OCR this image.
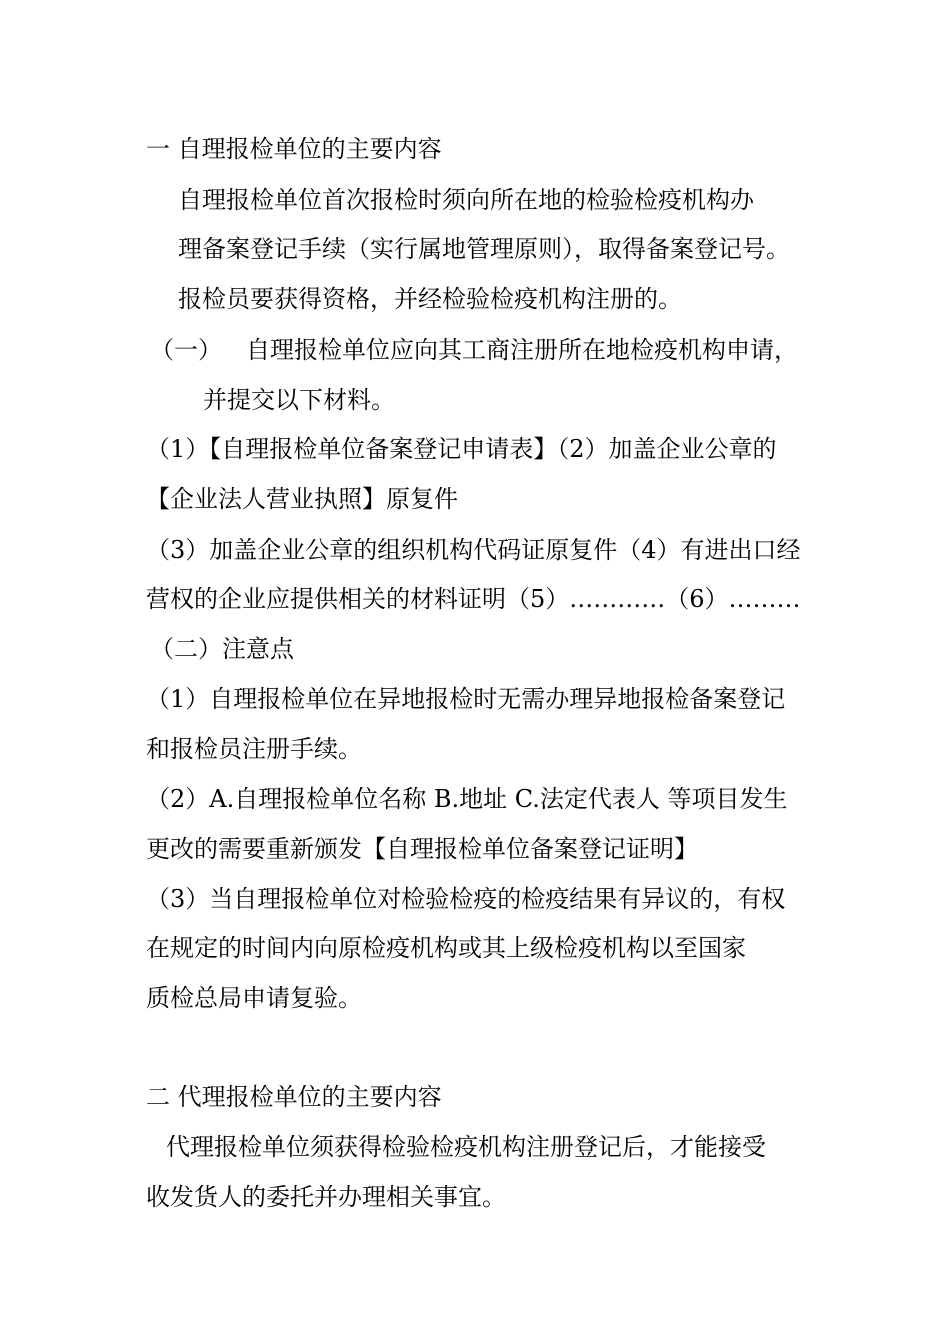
一 自理报检单位的主要内容
自理报检单位首次报检时须向所在地的检验检疫机构办
理备案登记手续（实行属地管理原则），取得备案登记号。
报检员要获得资格，并经检验检疫机构注册的。
（一） 自理报检单位应向其工商注册所在地检疫机构申请，
并提交以下材料。
（1）【自理报检单位备案登记申请表】（2）加盖企业公章的
【企业法人营业执照】原复件
（3）加盖企业公章的组织机构代码证原复件（4）有进出口经
营权的企业应提供相关的材料证明（5）…………（6）………
（二）注意点
（1）自理报检单位在异地报检时无需办理异地报检备案登记
和报检员注册手续。
（2）A.自理报检单位名称 B.地址 C.法定代表人 等项目发生
更改的需要重新颁发【自理报检单位备案登记证明】
（3）当自理报检单位对检验检疫的检疫结果有异议的，有权
在规定的时间内向原检疫机构或其上级检疫机构以至国家
质检总局申请复验。
二 代理报检单位的主要内容
代理报检单位须获得检验检疫机构注册登记后，才能接受
收发货人的委托并办理相关事宜。
